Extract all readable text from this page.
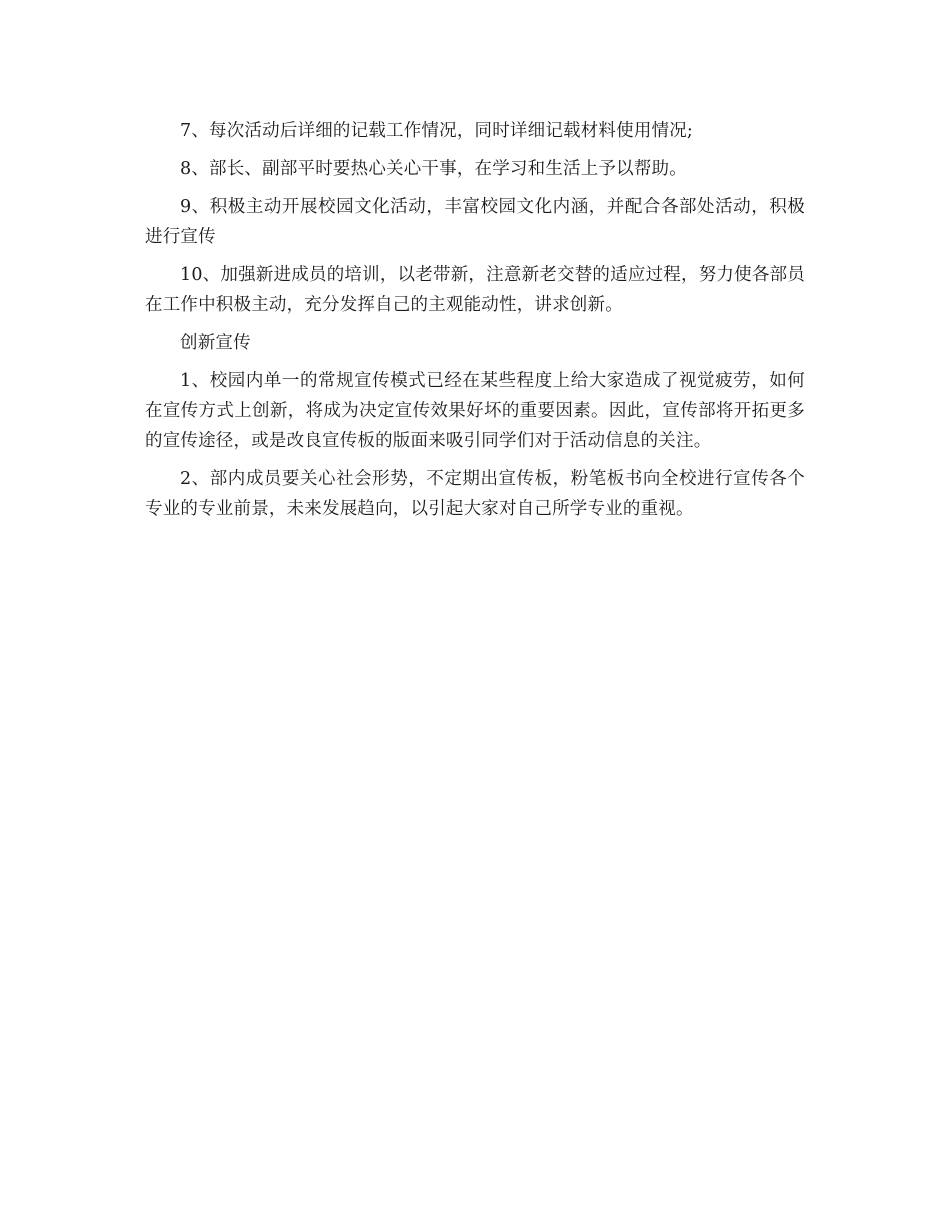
7、每次活动后详细的记载工作情况，同时详细记载材料使用情况;

8、部长、副部平时要热心关心干事，在学习和生活上予以帮助。

9、积极主动开展校园文化活动，丰富校园文化内涵，并配合各部处活动，积极进行宣传

10、加强新进成员的培训，以老带新，注意新老交替的适应过程，努力使各部员在工作中积极主动，充分发挥自己的主观能动性，讲求创新。

创新宣传

1、校园内单一的常规宣传模式已经在某些程度上给大家造成了视觉疲劳，如何在宣传方式上创新，将成为决定宣传效果好坏的重要因素。因此，宣传部将开拓更多的宣传途径，或是改良宣传板的版面来吸引同学们对于活动信息的关注。

2、部内成员要关心社会形势，不定期出宣传板，粉笔板书向全校进行宣传各个专业的专业前景，未来发展趋向，以引起大家对自己所学专业的重视。
